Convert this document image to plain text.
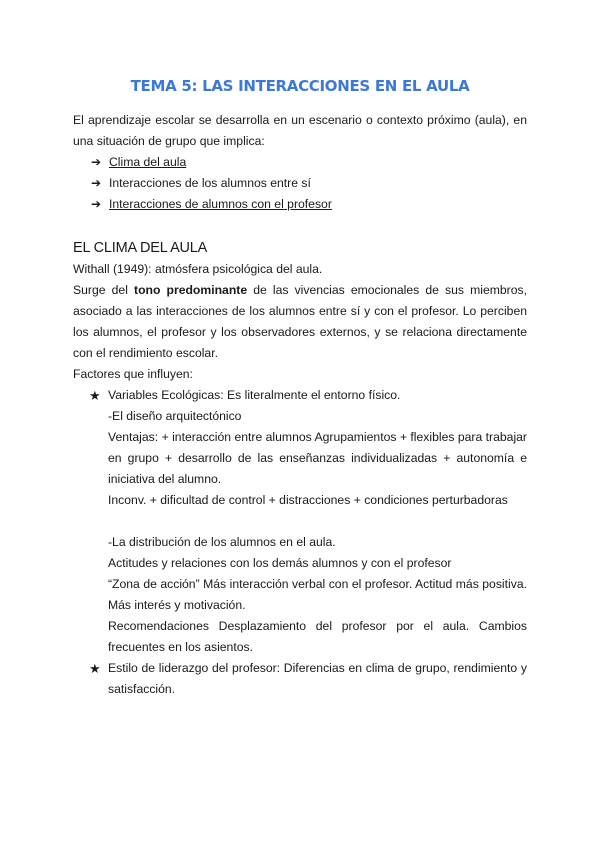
TEMA 5: LAS INTERACCIONES EN EL AULA
El aprendizaje escolar se desarrolla en un escenario o contexto próximo (aula), en una situación de grupo que implica:
➔ Clima del aula
➔ Interacciones de los alumnos entre sí
➔ Interacciones de alumnos con el profesor
EL CLIMA DEL AULA
Withall (1949): atmósfera psicológica del aula.
Surge del tono predominante de las vivencias emocionales de sus miembros, asociado a las interacciones de los alumnos entre sí y con el profesor. Lo perciben los alumnos, el profesor y los observadores externos, y se relaciona directamente con el rendimiento escolar.
Factores que influyen:
★ Variables Ecológicas: Es literalmente el entorno físico.
-El diseño arquitectónico
Ventajas: + interacción entre alumnos Agrupamientos + flexibles para trabajar en grupo + desarrollo de las enseñanzas individualizadas + autonomía e iniciativa del alumno.
Inconv. + dificultad de control + distracciones + condiciones perturbadoras
-La distribución de los alumnos en el aula.
Actitudes y relaciones con los demás alumnos y con el profesor
“Zona de acción” Más interacción verbal con el profesor. Actitud más positiva. Más interés y motivación.
Recomendaciones Desplazamiento del profesor por el aula. Cambios frecuentes en los asientos.
★ Estilo de liderazgo del profesor: Diferencias en clima de grupo, rendimiento y satisfacción.
